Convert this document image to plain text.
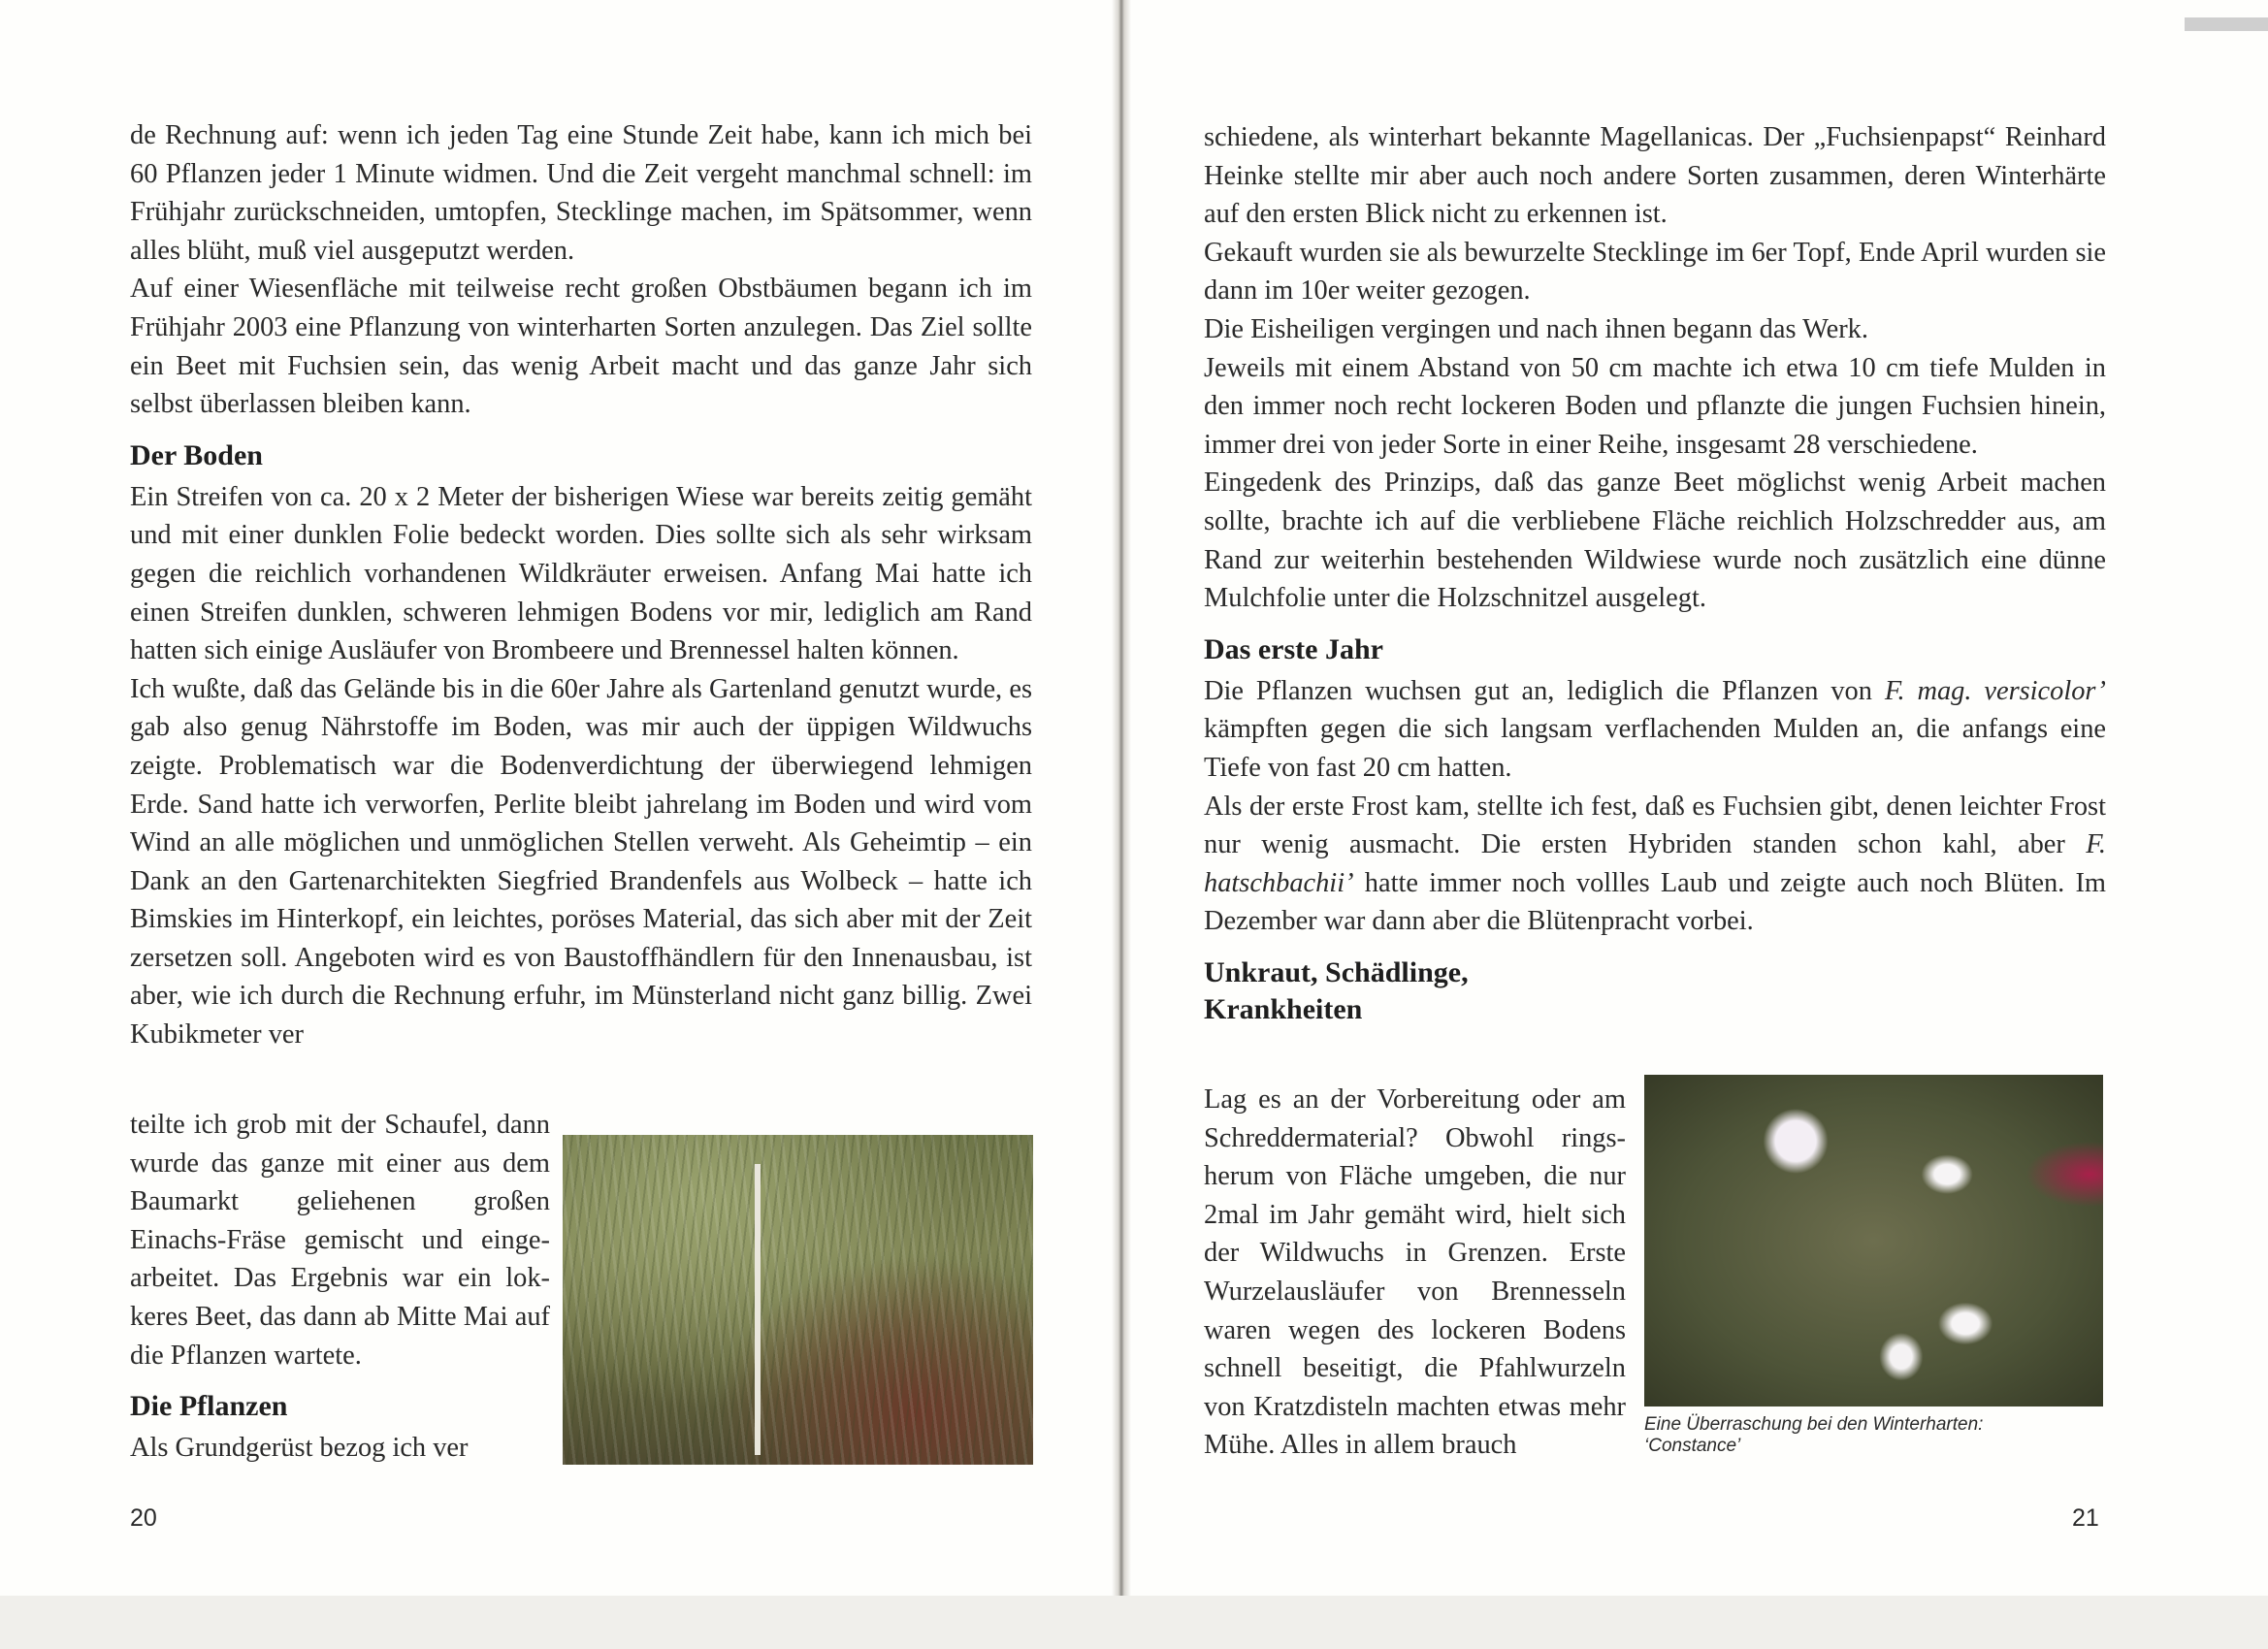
de Rechnung auf: wenn ich jeden Tag eine Stunde Zeit habe, kann ich mich bei 60 Pflanzen jeder 1 Minute widmen. Und die Zeit vergeht manchmal schnell: im Frühjahr zurückschneiden, umtopfen, Stecklinge machen, im Spätsommer, wenn alles blüht, muß viel ausgeputzt werden.

Auf einer Wiesenfläche mit teilweise recht großen Obstbäumen begann ich im Frühjahr 2003 eine Pflanzung von winterharten Sorten anzulegen. Das Ziel sollte ein Beet mit Fuchsien sein, das wenig Arbeit macht und das ganze Jahr sich selbst überlassen bleiben kann.

Der Boden

Ein Streifen von ca. 20 x 2 Meter der bisherigen Wiese war bereits zeitig gemäht und mit einer dunklen Folie bedeckt worden. Dies sollte sich als sehr wirksam gegen die reichlich vorhandenen Wildkräuter erweisen. Anfang Mai hatte ich einen Streifen dunklen, schweren lehmigen Bodens vor mir, lediglich am Rand hatten sich einige Ausläufer von Brombeere und Brennessel halten können.

Ich wußte, daß das Gelände bis in die 60er Jahre als Gartenland genutzt wurde, es gab also genug Nährstoffe im Boden, was mir auch der üppigen Wildwuchs zeigte. Problematisch war die Bodenverdichtung der überwiegend lehmigen Erde. Sand hatte ich verworfen, Perlite bleibt jahrelang im Boden und wird vom Wind an alle möglichen und unmöglichen Stellen verweht. Als Geheimtip – ein Dank an den Gartenarchitekten Siegfried Brandenfels aus Wolbeck – hatte ich Bimskies im Hinterkopf, ein leichtes, poröses Material, das sich aber mit der Zeit zersetzen soll. Angeboten wird es von Baustoffhändlern für den Innenausbau, ist aber, wie ich durch die Rechnung erfuhr, im Münsterland nicht ganz billig. Zwei Kubikmeter ver

teilte ich grob mit der Schaufel, dann wurde das ganze mit einer aus dem Baumarkt geliehenen großen Einachs-Fräse gemischt und eingearbeitet. Das Ergebnis war ein lokkeres Beet, das dann ab Mitte Mai auf die Pflanzen wartete.

Die Pflanzen

Als Grundgerüst bezog ich ver

20

schiedene, als winterhart bekannte Magellanicas. Der „Fuchsienpapst“ Reinhard Heinke stellte mir aber auch noch andere Sorten zusammen, deren Winterhärte auf den ersten Blick nicht zu erkennen ist.

Gekauft wurden sie als bewurzelte Stecklinge im 6er Topf, Ende April wurden sie dann im 10er weiter gezogen.

Die Eisheiligen vergingen und nach ihnen begann das Werk.

Jeweils mit einem Abstand von 50 cm machte ich etwa 10 cm tiefe Mulden in den immer noch recht lockeren Boden und pflanzte die jungen Fuchsien hinein, immer drei von jeder Sorte in einer Reihe, insgesamt 28 verschiedene.

Eingedenk des Prinzips, daß das ganze Beet möglichst wenig Arbeit machen sollte, brachte ich auf die verbliebene Fläche reichlich Holzschredder aus, am Rand zur weiterhin bestehenden Wildwiese wurde noch zusätzlich eine dünne Mulchfolie unter die Holzschnitzel ausgelegt.

Das erste Jahr

Die Pflanzen wuchsen gut an, lediglich die Pflanzen von F. mag. versicolor’ kämpften gegen die sich langsam verflachenden Mulden an, die anfangs eine Tiefe von fast 20 cm hatten.

Als der erste Frost kam, stellte ich fest, daß es Fuchsien gibt, denen leichter Frost nur wenig ausmacht. Die ersten Hybriden standen schon kahl, aber F. hatschbachii’ hatte immer noch vollles Laub und zeigte auch noch Blüten. Im Dezember war dann aber die Blütenpracht vorbei.

Unkraut, Schädlinge,
Krankheiten

Lag es an der Vorbereitung oder am Schreddermaterial? Obwohl ringsherum von Fläche umgeben, die nur 2mal im Jahr gemäht wird, hielt sich der Wildwuchs in Grenzen. Erste Wurzelausläufer von Brennesseln waren wegen des lockeren Bodens schnell beseitigt, die Pfahlwurzeln von Kratzdisteln machten etwas mehr Mühe. Alles in allem brauch

Eine Überraschung bei den Winterharten:
‘Constance’
21
